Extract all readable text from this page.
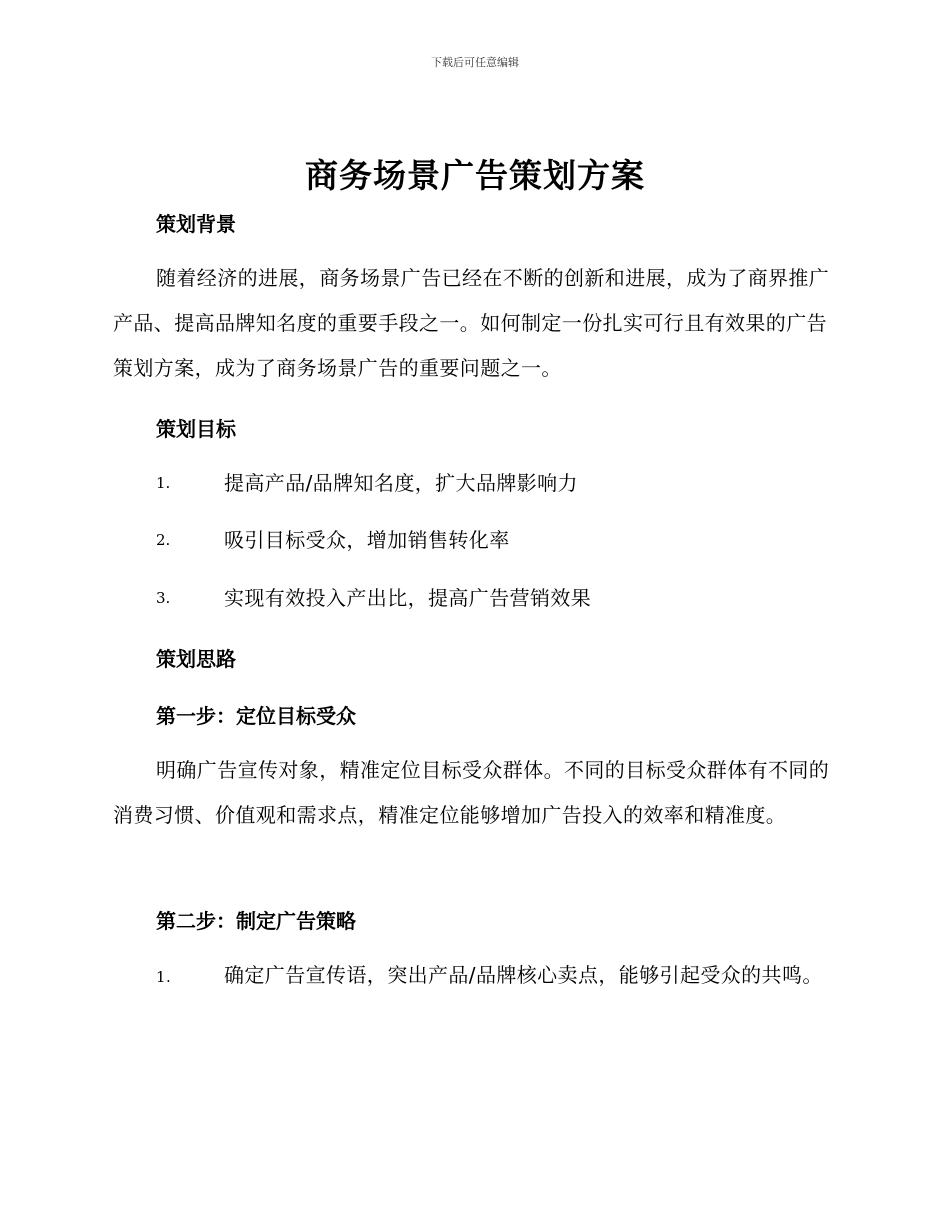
下载后可任意编辑
商务场景广告策划方案
策划背景
随着经济的进展，商务场景广告已经在不断的创新和进展，成为了商界推广产品、提高品牌知名度的重要手段之一。如何制定一份扎实可行且有效果的广告策划方案，成为了商务场景广告的重要问题之一。
策划目标
1.	提高产品/品牌知名度，扩大品牌影响力
2.	吸引目标受众，增加销售转化率
3.	实现有效投入产出比，提高广告营销效果
策划思路
第一步：定位目标受众
明确广告宣传对象，精准定位目标受众群体。不同的目标受众群体有不同的消费习惯、价值观和需求点，精准定位能够增加广告投入的效率和精准度。
第二步：制定广告策略
1.	确定广告宣传语，突出产品/品牌核心卖点，能够引起受众的共鸣。
